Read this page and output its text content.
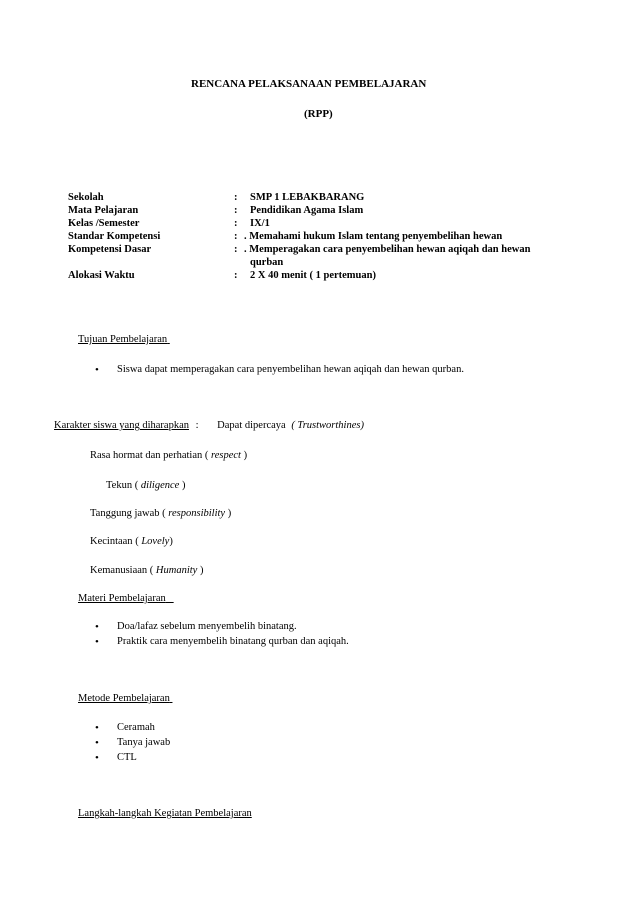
RENCANA PELAKSANAAN PEMBELAJARAN
(RPP)
Sekolah	: SMP 1 LEBAKBARANG
Mata Pelajaran	: Pendidikan Agama Islam
Kelas /Semester	: IX/1
Standar Kompetensi	: . Memahami hukum Islam tentang penyembelihan hewan
Kompetensi Dasar	: . Memperagakan cara penyembelihan hewan aqiqah dan hewan
qurban
Alokasi Waktu	: 2 X 40 menit ( 1 pertemuan)
Tujuan Pembelajaran
• Siswa dapat memperagakan cara penyembelihan hewan aqiqah dan hewan qurban.
Karakter siswa yang diharapkan : Dapat dipercaya ( Trustworthines)
Rasa hormat dan perhatian ( respect )
Tekun ( diligence )
Tanggung jawab ( responsibility )
Kecintaan ( Lovely)
Kemanusiaan ( Humanity )
Materi Pembelajaran
• Doa/lafaz sebelum menyembelih binatang.
• Praktik cara menyembelih binatang qurban dan aqiqah.
Metode Pembelajaran
• Ceramah
• Tanya jawab
• CTL
Langkah-langkah Kegiatan Pembelajaran
